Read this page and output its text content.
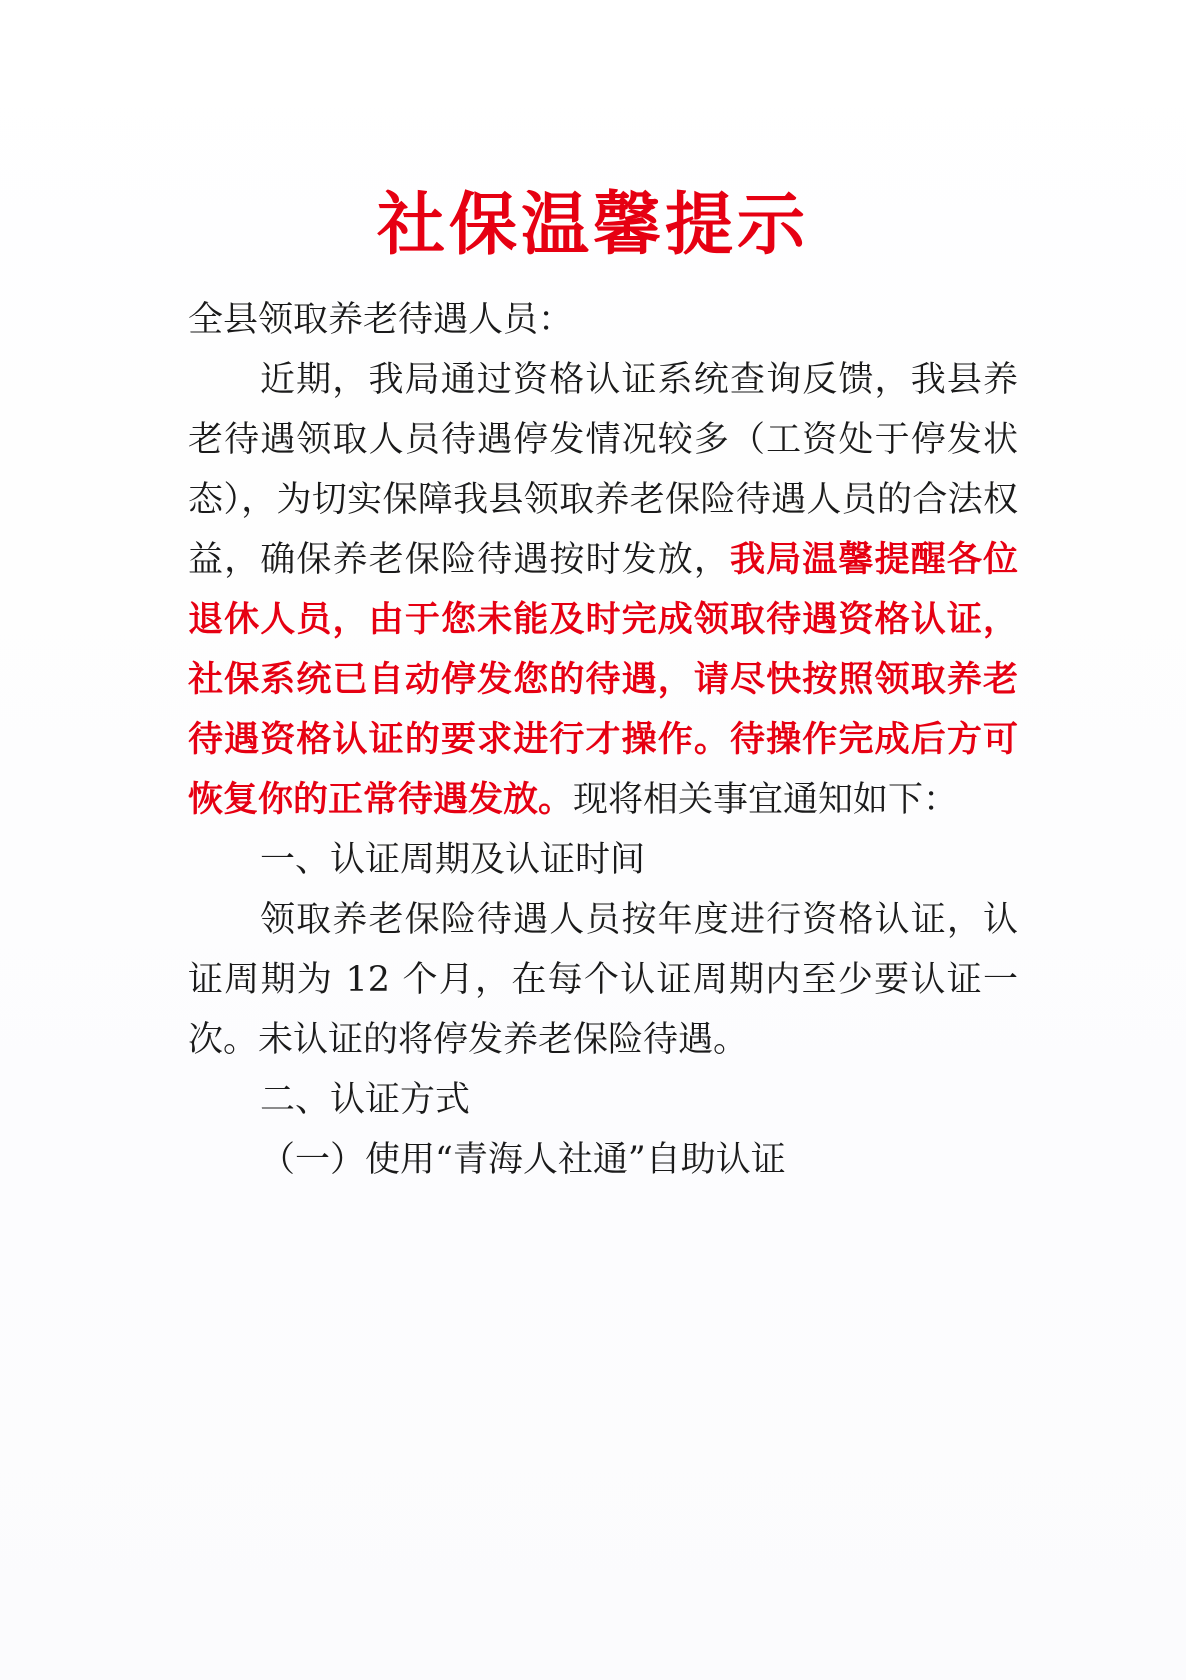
社保温馨提示

全县领取养老待遇人员：

近期，我局通过资格认证系统查询反馈，我县养老待遇领取人员待遇停发情况较多（工资处于停发状态），为切实保障我县领取养老保险待遇人员的合法权益，确保养老保险待遇按时发放，我局温馨提醒各位退休人员，由于您未能及时完成领取待遇资格认证，社保系统已自动停发您的待遇，请尽快按照领取养老待遇资格认证的要求进行才操作。待操作完成后方可恢复你的正常待遇发放。现将相关事宜通知如下：

一、认证周期及认证时间

领取养老保险待遇人员按年度进行资格认证，认证周期为 12 个月，在每个认证周期内至少要认证一次。未认证的将停发养老保险待遇。

二、认证方式

（一）使用“青海人社通”自助认证
